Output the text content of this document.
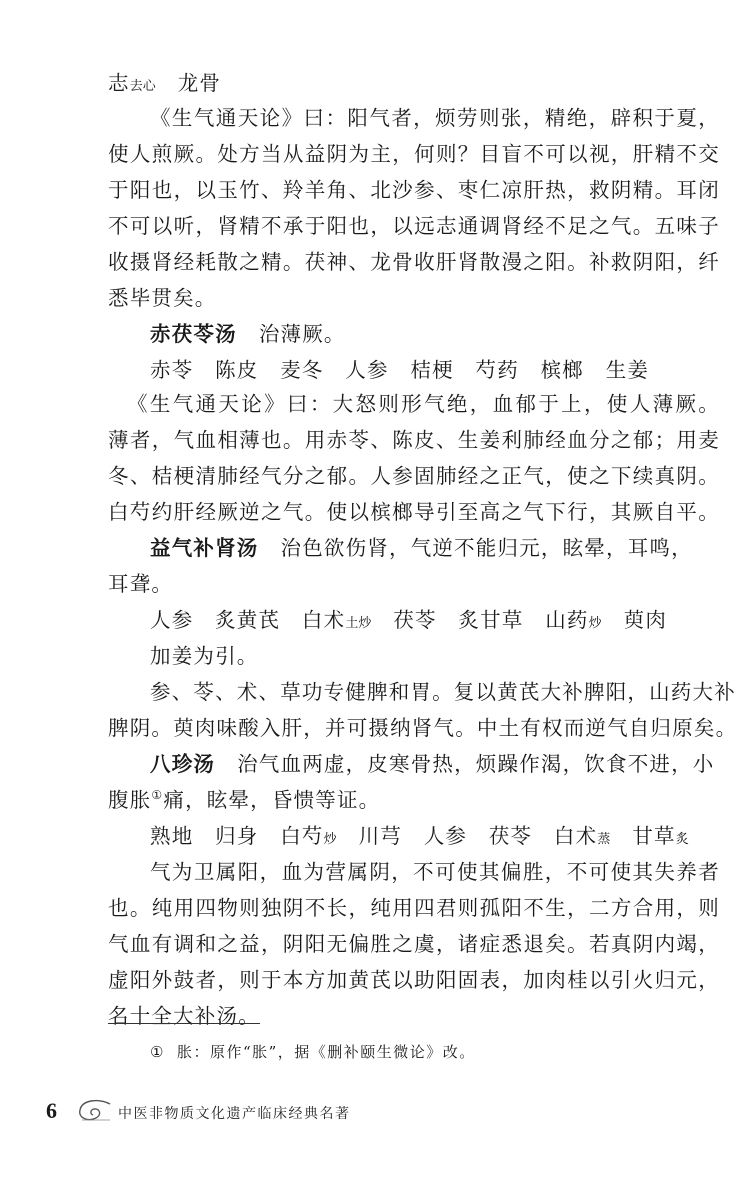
志去心 龙骨
《生气通天论》曰：阳气者，烦劳则张，精绝，辟积于夏，
使人煎厥。处方当从益阴为主，何则？目盲不可以视，肝精不交
于阳也，以玉竹、羚羊角、北沙参、枣仁凉肝热，救阴精。耳闭
不可以听，肾精不承于阳也，以远志通调肾经不足之气。五味子
收摄肾经耗散之精。茯神、龙骨收肝肾散漫之阳。补救阴阳，纤
悉毕贯矣。
赤茯苓汤 治薄厥。
赤苓　陈皮　麦冬　人参　桔梗　芍药　槟榔　生姜
《生气通天论》曰：大怒则形气绝，血郁于上，使人薄厥。
薄者，气血相薄也。用赤苓、陈皮、生姜利肺经血分之郁；用麦
冬、桔梗清肺经气分之郁。人参固肺经之正气，使之下续真阴。
白芍约肝经厥逆之气。使以槟榔导引至高之气下行，其厥自平。
益气补肾汤 治色欲伤肾，气逆不能归元，眩晕，耳鸣，
耳聋。
人参　炙黄芪　白术土炒 茯苓　炙甘草　山药炒 萸肉
加姜为引。
参、苓、术、草功专健脾和胃。复以黄芪大补脾阳，山药大补
脾阴。萸肉味酸入肝，并可摄纳肾气。中土有权而逆气自归原矣。
八珍汤 治气血两虚，皮寒骨热，烦躁作渴，饮食不进，小
腹胀①痛，眩晕，昏愦等证。
熟地　归身　白芍炒 川芎　人参　茯苓　白术蒸 甘草炙
气为卫属阳，血为营属阴，不可使其偏胜，不可使其失养者
也。纯用四物则独阴不长，纯用四君则孤阳不生，二方合用，则
气血有调和之益，阴阳无偏胜之虞，诸症悉退矣。若真阴内竭，
虚阳外鼓者，则于本方加黄芪以助阳固表，加肉桂以引火归元，
名十全大补汤。
① 胀：原作“胀”，据《删补颐生微论》改。
6	中医非物质文化遗产临床经典名著
